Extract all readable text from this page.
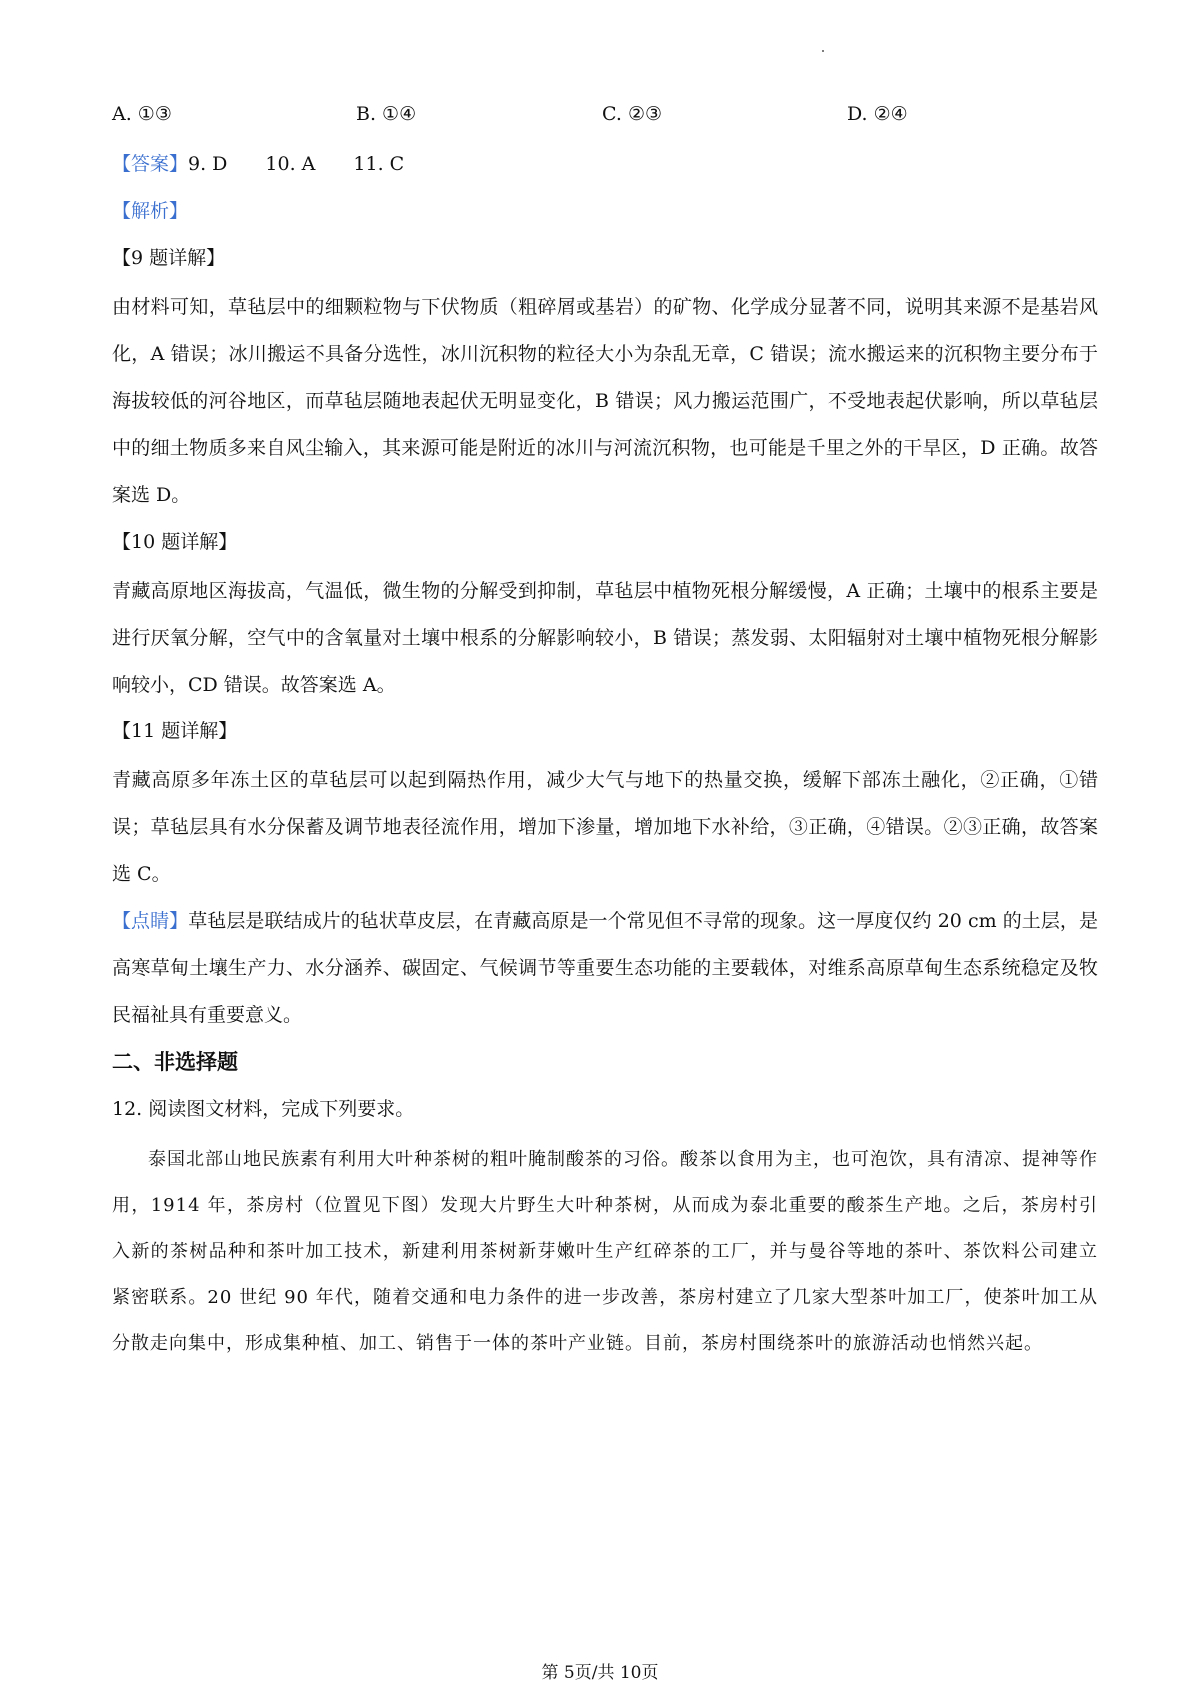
A. ①③	B. ①④	C. ②③	D. ②④
【答案】9. D 10. A 11. C
【解析】
【9 题详解】
由材料可知，草毡层中的细颗粒物与下伏物质（粗碎屑或基岩）的矿物、化学成分显著不同，说明其来源不是基岩风化，A 错误；冰川搬运不具备分选性，冰川沉积物的粒径大小为杂乱无章，C 错误；流水搬运来的沉积物主要分布于海拔较低的河谷地区，而草毡层随地表起伏无明显变化，B 错误；风力搬运范围广，不受地表起伏影响，所以草毡层中的细土物质多来自风尘输入，其来源可能是附近的冰川与河流沉积物，也可能是千里之外的干旱区，D 正确。故答案选 D。
【10 题详解】
青藏高原地区海拔高，气温低，微生物的分解受到抑制，草毡层中植物死根分解缓慢，A 正确；土壤中的根系主要是进行厌氧分解，空气中的含氧量对土壤中根系的分解影响较小，B 错误；蒸发弱、太阳辐射对土壤中植物死根分解影响较小，CD 错误。故答案选 A。
【11 题详解】
青藏高原多年冻土区的草毡层可以起到隔热作用，减少大气与地下的热量交换，缓解下部冻土融化，②正确，①错误；草毡层具有水分保蓄及调节地表径流作用，增加下渗量，增加地下水补给，③正确，④错误。②③正确，故答案选 C。
【点睛】草毡层是联结成片的毡状草皮层，在青藏高原是一个常见但不寻常的现象。这一厚度仅约 20 cm 的土层，是高寒草甸土壤生产力、水分涵养、碳固定、气候调节等重要生态功能的主要载体，对维系高原草甸生态系统稳定及牧民福祉具有重要意义。
二、非选择题
12. 阅读图文材料，完成下列要求。
泰国北部山地民族素有利用大叶种茶树的粗叶腌制酸茶的习俗。酸茶以食用为主，也可泡饮，具有清凉、提神等作用，1914 年，茶房村（位置见下图）发现大片野生大叶种茶树，从而成为泰北重要的酸茶生产地。之后，茶房村引入新的茶树品种和茶叶加工技术，新建利用茶树新芽嫩叶生产红碎茶的工厂，并与曼谷等地的茶叶、茶饮料公司建立紧密联系。20 世纪 90 年代，随着交通和电力条件的进一步改善，茶房村建立了几家大型茶叶加工厂，使茶叶加工从分散走向集中，形成集种植、加工、销售于一体的茶叶产业链。目前，茶房村围绕茶叶的旅游活动也悄然兴起。
第 5页/共 10页
